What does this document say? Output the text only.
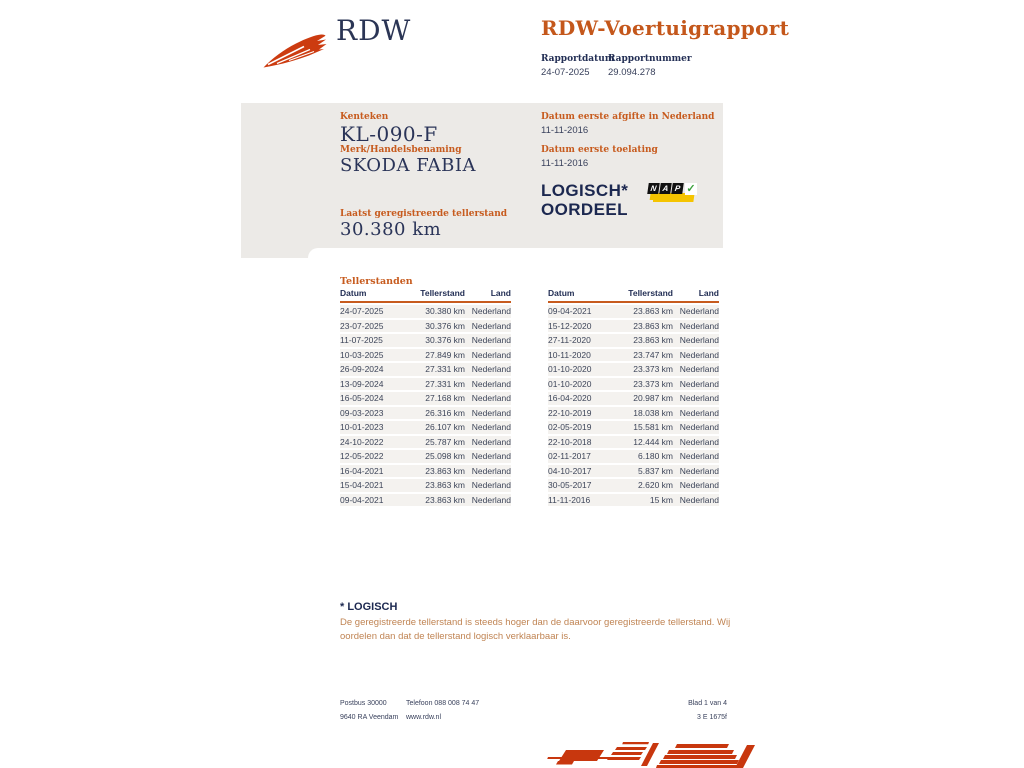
RDW	RDW-Voertuigrapport
Rapportdatum
24-07-2025
Rapportnummer
29.094.278
Kenteken
KL-090-F
Merk/Handelsbenaming
SKODA FABIA
Laatst geregistreerde tellerstand
30.380 km
Datum eerste afgifte in Nederland
11-11-2016
Datum eerste toelating
11-11-2016
LOGISCH*
OORDEEL
N A P ✓
Tellerstanden
Datum	Tellerstand	Land
24-07-2025	30.380 km Nederland
23-07-2025	30.376 km Nederland
11-07-2025	30.376 km Nederland
10-03-2025	27.849 km Nederland
26-09-2024	27.331 km Nederland
13-09-2024	27.331 km Nederland
16-05-2024	27.168 km Nederland
09-03-2023	26.316 km Nederland
10-01-2023	26.107 km Nederland
24-10-2022	25.787 km Nederland
12-05-2022	25.098 km Nederland
16-04-2021	23.863 km Nederland
15-04-2021	23.863 km Nederland
09-04-2021	23.863 km Nederland
Datum	Tellerstand	Land
09-04-2021	23.863 km Nederland
15-12-2020	23.863 km Nederland
27-11-2020	23.863 km Nederland
10-11-2020	23.747 km Nederland
01-10-2020	23.373 km Nederland
01-10-2020	23.373 km Nederland
16-04-2020	20.987 km Nederland
22-10-2019	18.038 km Nederland
02-05-2019	15.581 km Nederland
22-10-2018	12.444 km Nederland
02-11-2017	6.180 km Nederland
04-10-2017	5.837 km Nederland
30-05-2017	2.620 km Nederland
11-11-2016	15 km Nederland
* LOGISCH
De geregistreerde tellerstand is steeds hoger dan de daarvoor geregistreerde tellerstand. Wij oordelen dan dat de tellerstand logisch verklaarbaar is.
Postbus 30000
9640 RA Veendam
Telefoon 088 008 74 47
www.rdw.nl
Blad 1 van 4
3 E 1675f
